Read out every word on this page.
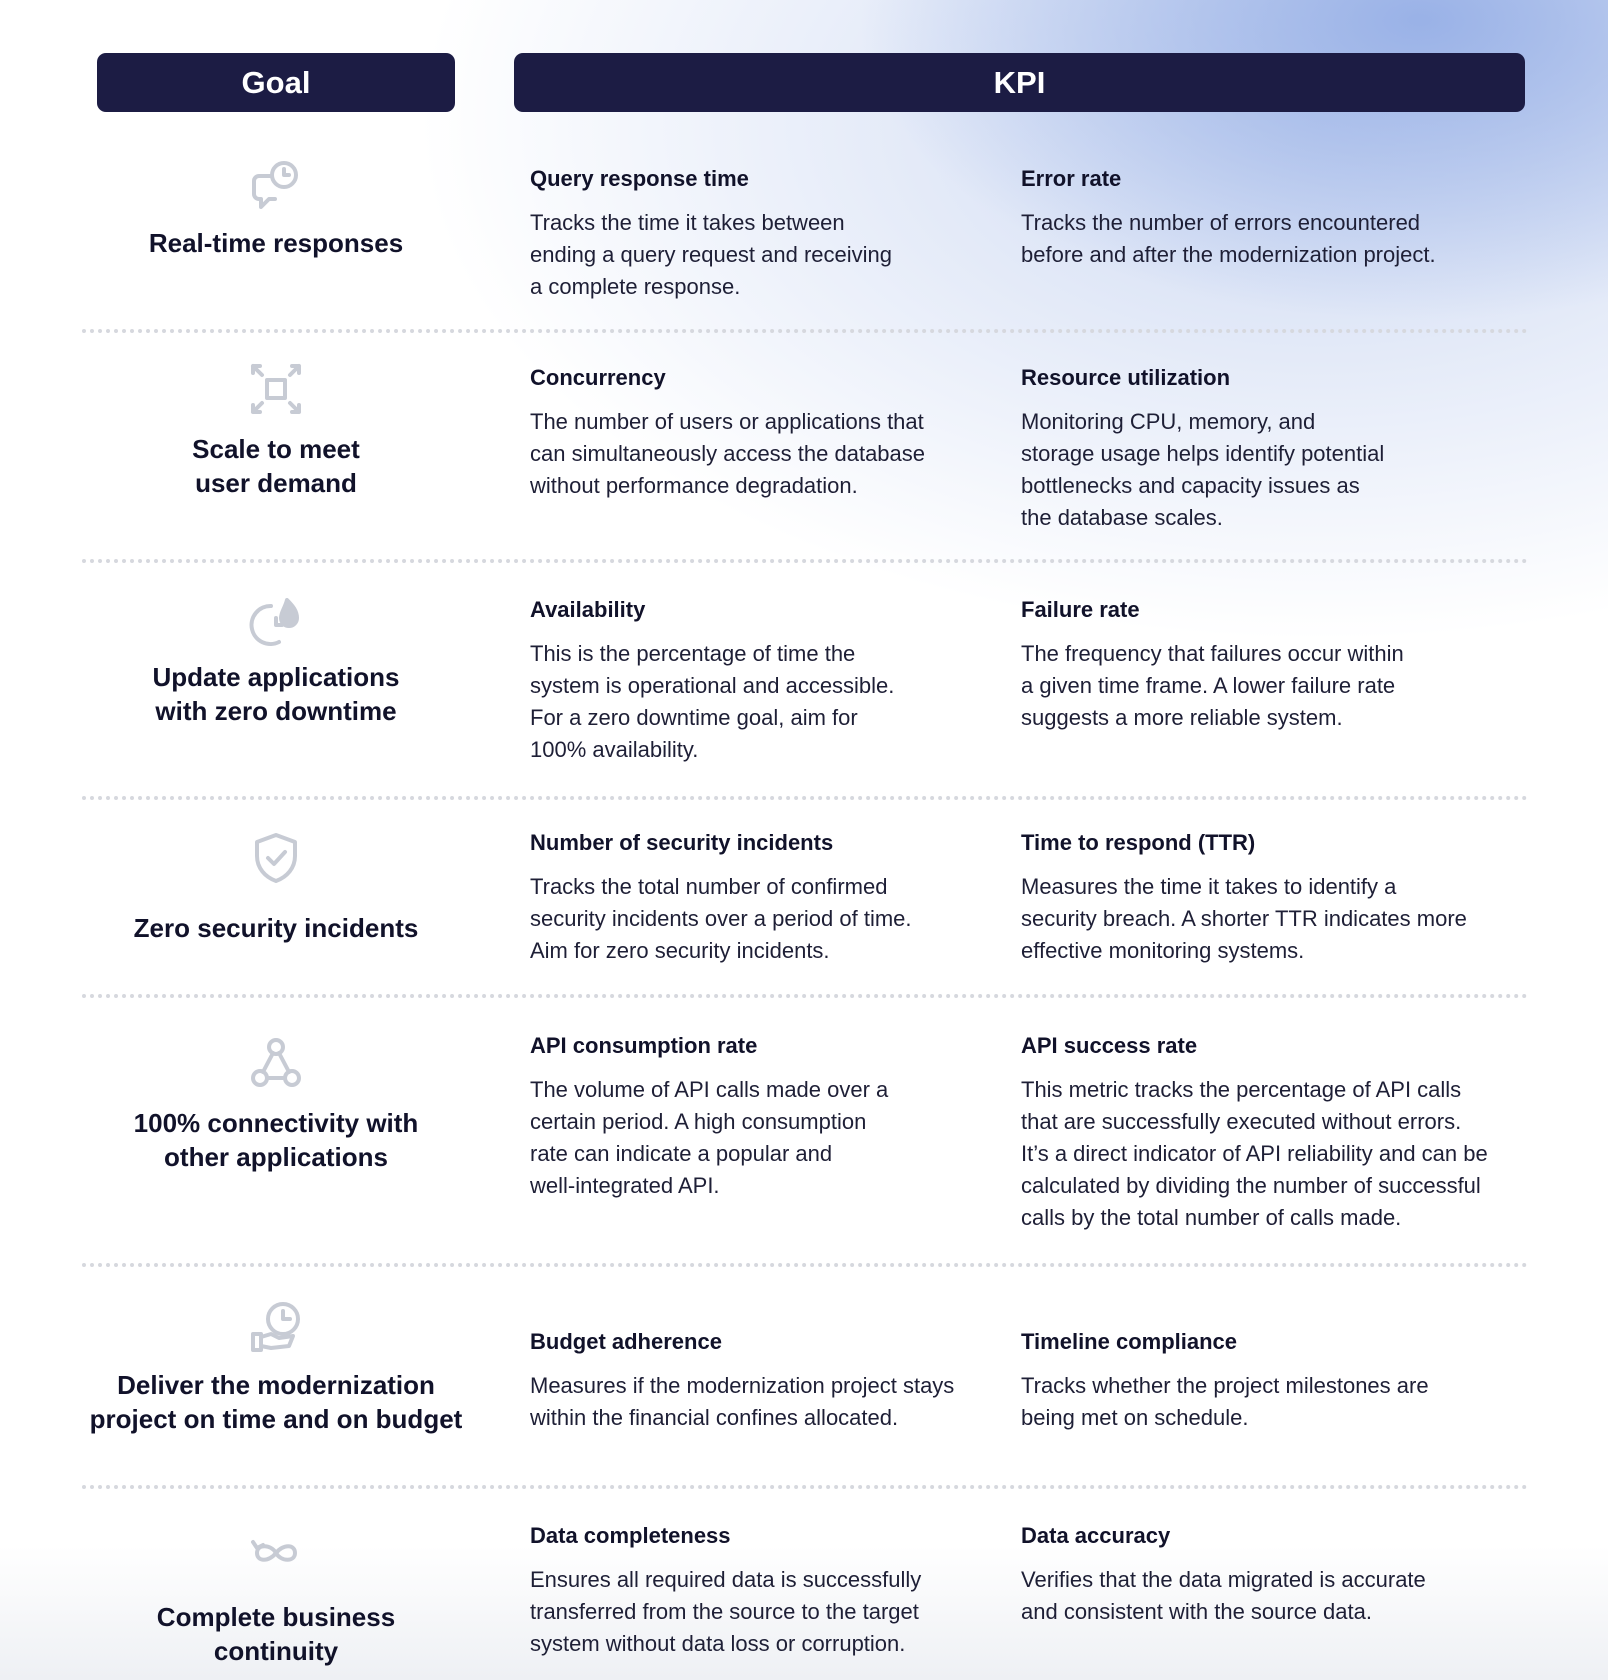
Goal	KPI
Real-time responses
Query response time
Tracks the time it takes between
ending a query request and receiving
a complete response.
Error rate
Tracks the number of errors encountered
before and after the modernization project.
Scale to meet
user demand
Concurrency
The number of users or applications that
can simultaneously access the database
without performance degradation.
Resource utilization
Monitoring CPU, memory, and
storage usage helps identify potential
bottlenecks and capacity issues as
the database scales.
Update applications
with zero downtime
Availability
This is the percentage of time the
system is operational and accessible.
For a zero downtime goal, aim for
100% availability.
Failure rate
The frequency that failures occur within
a given time frame. A lower failure rate
suggests a more reliable system.
Zero security incidents
Number of security incidents
Tracks the total number of confirmed
security incidents over a period of time.
Aim for zero security incidents.
Time to respond (TTR)
Measures the time it takes to identify a
security breach. A shorter TTR indicates more
effective monitoring systems.
100% connectivity with
other applications
API consumption rate
The volume of API calls made over a
certain period. A high consumption
rate can indicate a popular and
well-integrated API.
API success rate
This metric tracks the percentage of API calls
that are successfully executed without errors.
It’s a direct indicator of API reliability and can be
calculated by dividing the number of successful
calls by the total number of calls made.
Deliver the modernization
project on time and on budget
Budget adherence
Measures if the modernization project stays
within the financial confines allocated.
Timeline compliance
Tracks whether the project milestones are
being met on schedule.
Complete business
continuity
Data completeness
Ensures all required data is successfully
transferred from the source to the target
system without data loss or corruption.
Data accuracy
Verifies that the data migrated is accurate
and consistent with the source data.
